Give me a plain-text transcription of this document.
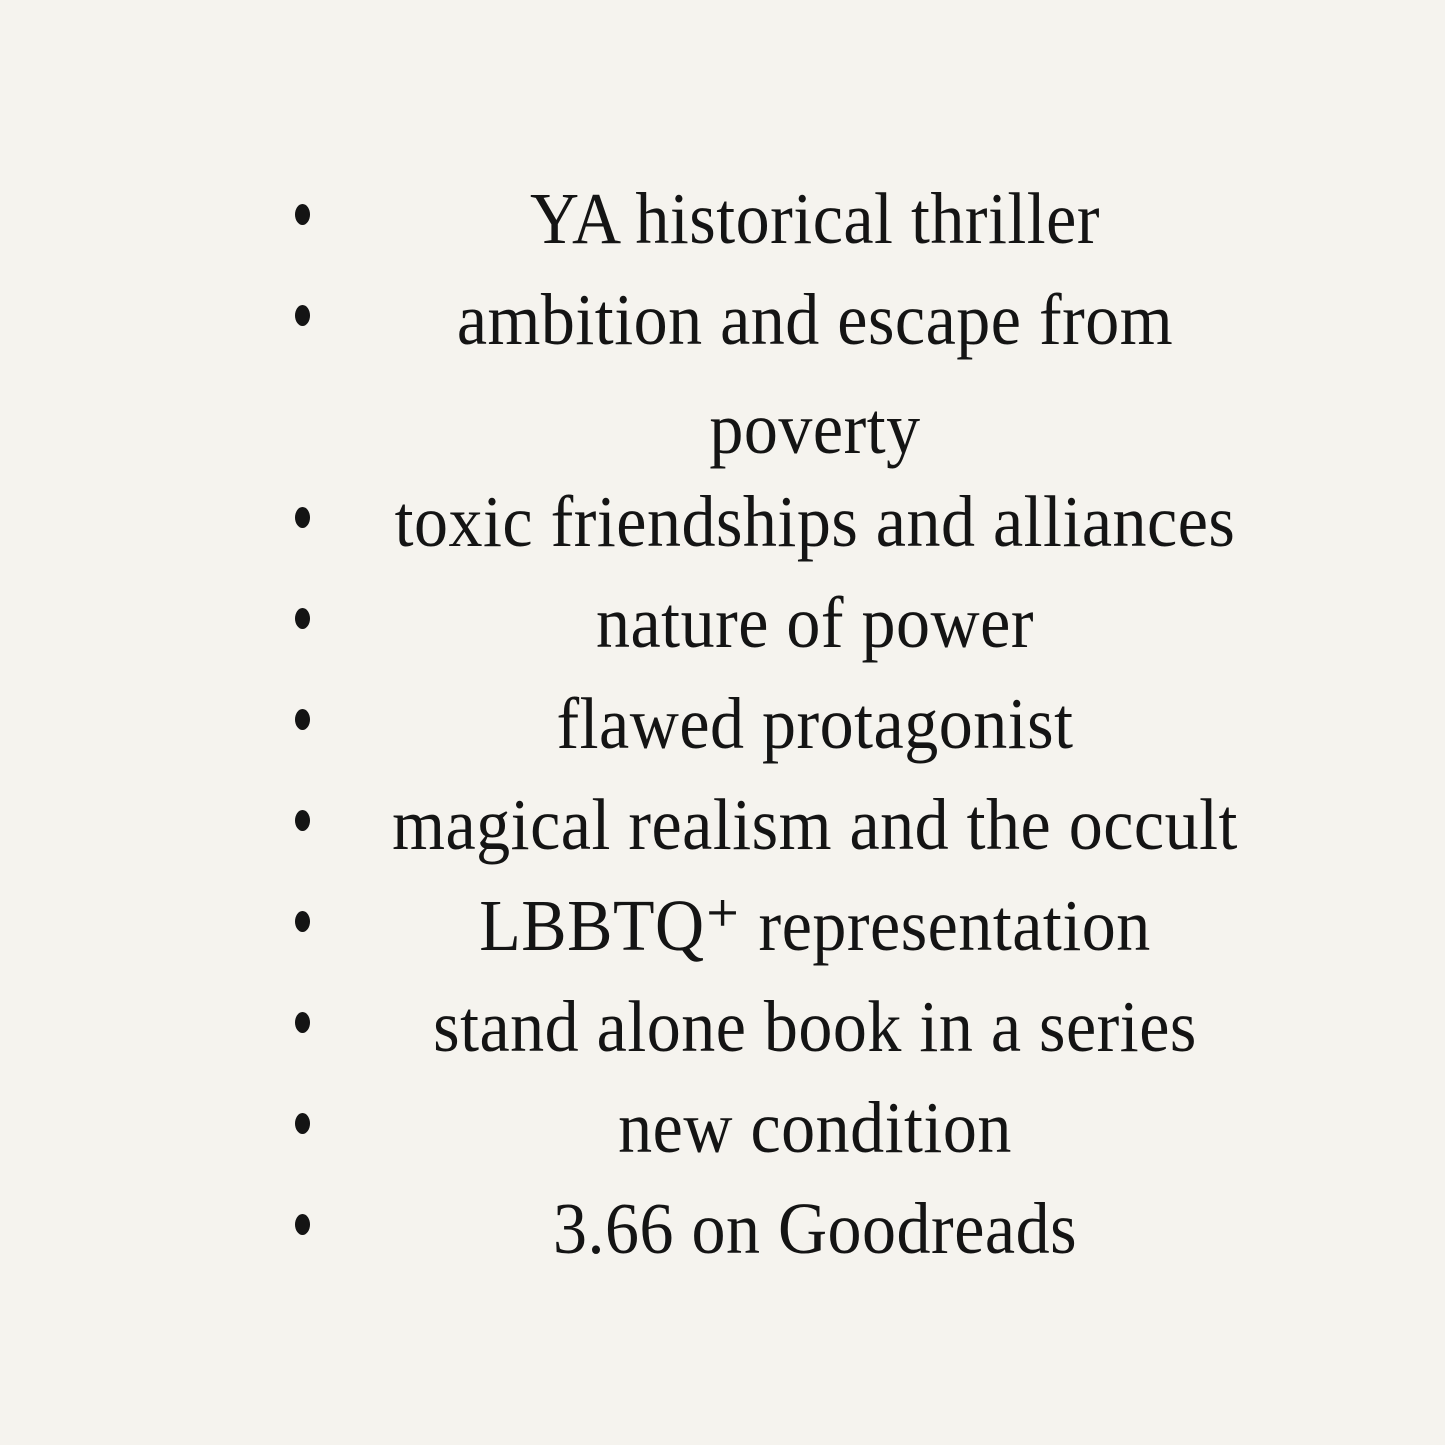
YA historical thriller
ambition and escape from poverty
toxic friendships and alliances
nature of power
flawed protagonist
magical realism and the occult
LBBTQ⁺ representation
stand alone book in a series
new condition
3.66 on Goodreads
